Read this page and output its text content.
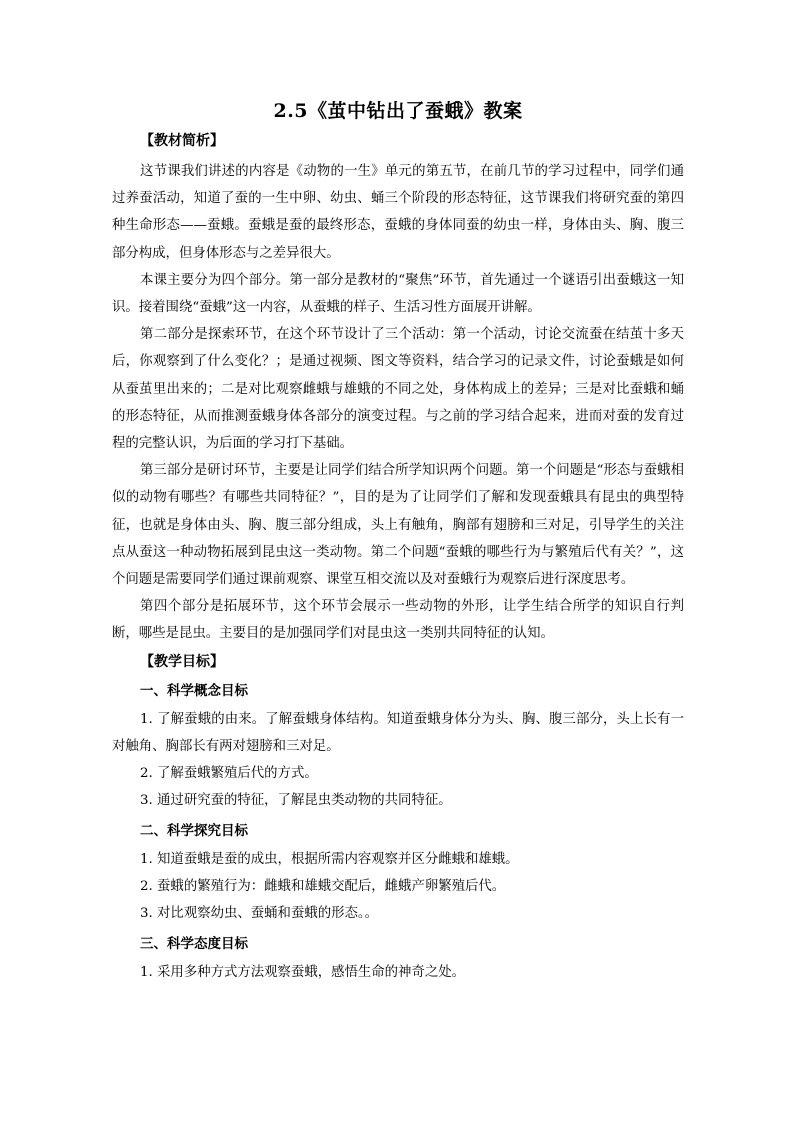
2.5《茧中钻出了蚕蛾》教案
【教材简析】

这节课我们讲述的内容是《动物的一生》单元的第五节，在前几节的学习过程中，同学们通过养蚕活动，知道了蚕的一生中卵、幼虫、蛹三个阶段的形态特征，这节课我们将研究蚕的第四种生命形态——蚕蛾。蚕蛾是蚕的最终形态，蚕蛾的身体同蚕的幼虫一样，身体由头、胸、腹三部分构成，但身体形态与之差异很大。

本课主要分为四个部分。第一部分是教材的“聚焦”环节，首先通过一个谜语引出蚕蛾这一知识。接着围绕“蚕蛾”这一内容，从蚕蛾的样子、生活习性方面展开讲解。

第二部分是探索环节，在这个环节设计了三个活动：第一个活动，讨论交流蚕在结茧十多天后，你观察到了什么变化？；是通过视频、图文等资料，结合学习的记录文件，讨论蚕蛾是如何从蚕茧里出来的；二是对比观察雌蛾与雄蛾的不同之处，身体构成上的差异；三是对比蚕蛾和蛹的形态特征，从而推测蚕蛾身体各部分的演变过程。与之前的学习结合起来，进而对蚕的发育过程的完整认识，为后面的学习打下基础。

第三部分是研讨环节，主要是让同学们结合所学知识两个问题。第一个问题是“形态与蚕蛾相似的动物有哪些？有哪些共同特征？”，目的是为了让同学们了解和发现蚕蛾具有昆虫的典型特征，也就是身体由头、胸、腹三部分组成，头上有触角，胸部有翅膀和三对足，引导学生的关注点从蚕这一种动物拓展到昆虫这一类动物。第二个问题“蚕蛾的哪些行为与繁殖后代有关？”，这个问题是需要同学们通过课前观察、课堂互相交流以及对蚕蛾行为观察后进行深度思考。

第四个部分是拓展环节，这个环节会展示一些动物的外形，让学生结合所学的知识自行判断，哪些是昆虫。主要目的是加强同学们对昆虫这一类别共同特征的认知。

【教学目标】
一、科学概念目标

1. 了解蚕蛾的由来。了解蚕蛾身体结构。知道蚕蛾身体分为头、胸、腹三部分，头上长有一对触角、胸部长有两对翅膀和三对足。

2. 了解蚕蛾繁殖后代的方式。

3. 通过研究蚕的特征，了解昆虫类动物的共同特征。

二、科学探究目标

1. 知道蚕蛾是蚕的成虫，根据所需内容观察并区分雌蛾和雄蛾。

2. 蚕蛾的繁殖行为：雌蛾和雄蛾交配后，雌蛾产卵繁殖后代。

3. 对比观察幼虫、蚕蛹和蚕蛾的形态。。

三、科学态度目标

1. 采用多种方式方法观察蚕蛾，感悟生命的神奇之处。
